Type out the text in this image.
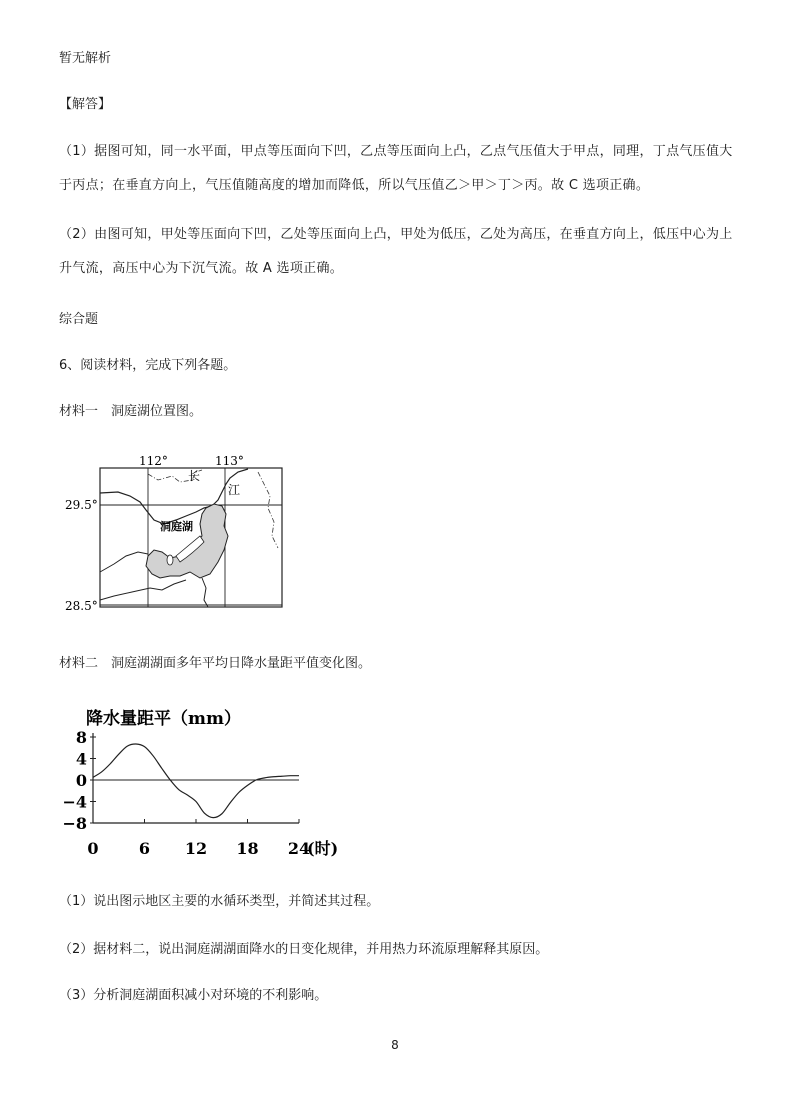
暂无解析
【解答】
（1）据图可知，同一水平面，甲点等压面向下凹，乙点等压面向上凸，乙点气压值大于甲点，同理，丁点气压值大于丙点；在垂直方向上，气压值随高度的增加而降低，所以气压值乙＞甲＞丁＞丙。故 C 选项正确。
（2）由图可知，甲处等压面向下凹，乙处等压面向上凸，甲处为低压，乙处为高压，在垂直方向上，低压中心为上升气流，高压中心为下沉气流。故 A 选项正确。
综合题
6、阅读材料，完成下列各题。
材料一　洞庭湖位置图。
112°	113°
29.5°
28.5°
长
江
洞庭湖
材料二　洞庭湖湖面多年平均日降水量距平值变化图。
降水量距平（mm）
8
4
0
−4
−8
0	6 12 18 24
(时)
（1）说出图示地区主要的水循环类型，并简述其过程。
（2）据材料二，说出洞庭湖湖面降水的日变化规律，并用热力环流原理解释其原因。
（3）分析洞庭湖面积减小对环境的不利影响。
8
